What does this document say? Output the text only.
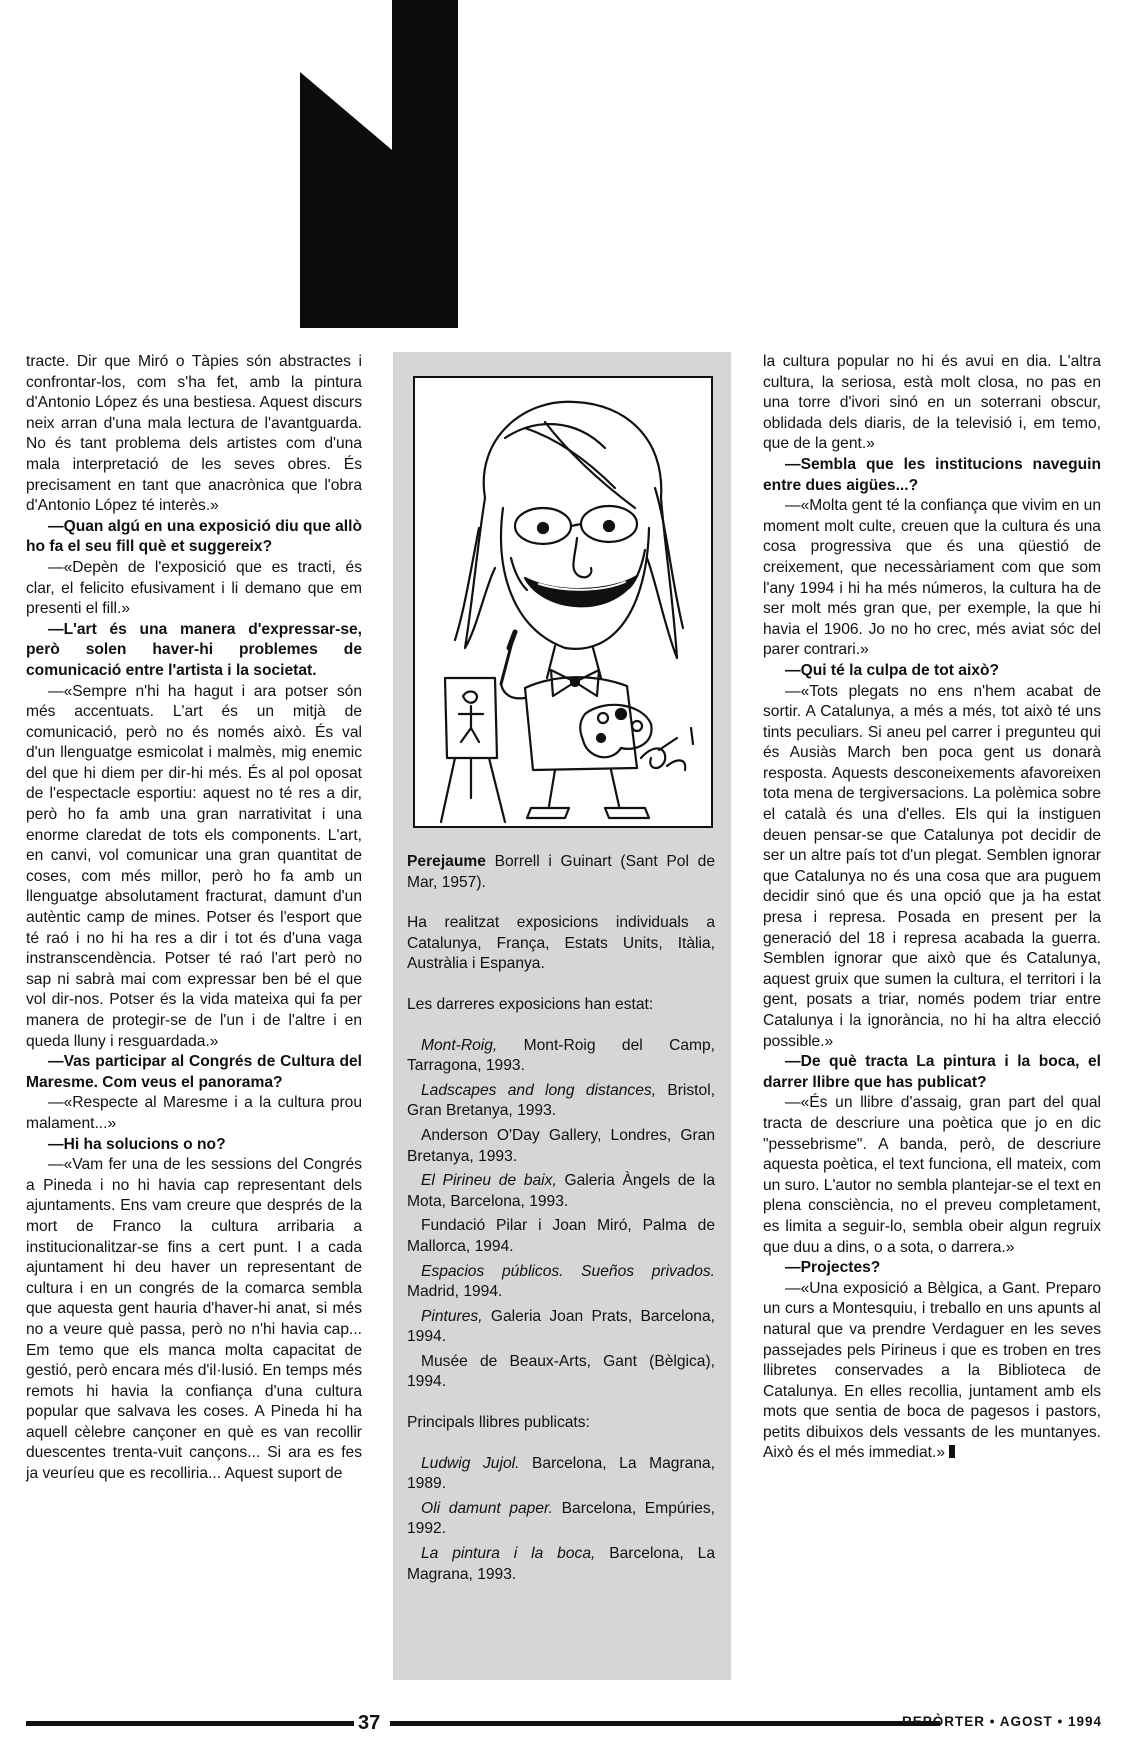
tracte. Dir que Miró o Tàpies són abstractes i confrontar-los, com s'ha fet, amb la pintura d'Antonio López és una bestiesa. Aquest discurs neix arran d'una mala lectura de l'avantguarda. No és tant problema dels artistes com d'una mala interpretació de les seves obres. És precisament en tant que anacrònica que l'obra d'Antonio López té interès.»

—Quan algú en una exposició diu que allò ho fa el seu fill què et suggereix?

—«Depèn de l'exposició que es tracti, és clar, el felicito efusivament i li demano que em presenti el fill.»

—L'art és una manera d'expressar-se, però solen haver-hi problemes de comunicació entre l'artista i la societat.

—«Sempre n'hi ha hagut i ara potser són més accentuats. L'art és un mitjà de comunicació, però no és només això. És val d'un llenguatge esmicolat i malmès, mig enemic del que hi diem per dir-hi més. És al pol oposat de l'espectacle esportiu: aquest no té res a dir, però ho fa amb una gran narrativitat i una enorme claredat de tots els components. L'art, en canvi, vol comunicar una gran quantitat de coses, com més millor, però ho fa amb un llenguatge absolutament fracturat, damunt d'un autèntic camp de mines. Potser és l'esport que té raó i no hi ha res a dir i tot és d'una vaga instranscendència. Potser té raó l'art però no sap ni sabrà mai com expressar ben bé el que vol dir-nos. Potser és la vida mateixa qui fa per manera de protegir-se de l'un i de l'altre i en queda lluny i resguardada.»

—Vas participar al Congrés de Cultura del Maresme. Com veus el panorama?

—«Respecte al Maresme i a la cultura prou malament...»

—Hi ha solucions o no?

—«Vam fer una de les sessions del Congrés a Pineda i no hi havia cap representant dels ajuntaments. Ens vam creure que després de la mort de Franco la cultura arribaria a institucionalitzar-se fins a cert punt. I a cada ajuntament hi deu haver un representant de cultura i en un congrés de la comarca sembla que aquesta gent hauria d'haver-hi anat, si més no a veure què passa, però no n'hi havia cap... Em temo que els manca molta capacitat de gestió, però encara més d'il·lusió. En temps més remots hi havia la confiança d'una cultura popular que salvava les coses. A Pineda hi ha aquell cèlebre cançoner en què es van recollir duescentes trenta-vuit cançons... Si ara es fes ja veuríeu que es recolliria... Aquest suport de

Perejaume Borrell i Guinart (Sant Pol de Mar, 1957).

Ha realitzat exposicions individuals a Catalunya, França, Estats Units, Itàlia, Austràlia i Espanya.

Les darreres exposicions han estat:

Mont-Roig, Mont-Roig del Camp, Tarragona, 1993.

Ladscapes and long distances, Bristol, Gran Bretanya, 1993.

Anderson O'Day Gallery, Londres, Gran Bretanya, 1993.

El Pirineu de baix, Galeria Àngels de la Mota, Barcelona, 1993.

Fundació Pilar i Joan Miró, Palma de Mallorca, 1994.

Espacios públicos. Sueños privados. Madrid, 1994.

Pintures, Galeria Joan Prats, Barcelona, 1994.

Musée de Beaux-Arts, Gant (Bèlgica), 1994.

Principals llibres publicats:

Ludwig Jujol. Barcelona, La Magrana, 1989.

Oli damunt paper. Barcelona, Empúries, 1992.

La pintura i la boca, Barcelona, La Magrana, 1993.

la cultura popular no hi és avui en dia. L'altra cultura, la seriosa, està molt closa, no pas en una torre d'ivori sinó en un soterrani obscur, oblidada dels diaris, de la televisió i, em temo, que de la gent.»

—Sembla que les institucions naveguin entre dues aigües...?

—«Molta gent té la confiança que vivim en un moment molt culte, creuen que la cultura és una cosa progressiva que és una qüestió de creixement, que necessàriament com que som l'any 1994 i hi ha més números, la cultura ha de ser molt més gran que, per exemple, la que hi havia el 1906. Jo no ho crec, més aviat sóc del parer contrari.»

—Qui té la culpa de tot això?

—«Tots plegats no ens n'hem acabat de sortir. A Catalunya, a més a més, tot això té uns tints peculiars. Si aneu pel carrer i pregunteu qui és Ausiàs March ben poca gent us donarà resposta. Aquests desconeixements afavoreixen tota mena de tergiversacions. La polèmica sobre el català és una d'elles. Els qui la instiguen deuen pensar-se que Catalunya pot decidir de ser un altre país tot d'un plegat. Semblen ignorar que Catalunya no és una cosa que ara puguem decidir sinó que és una opció que ja ha estat presa i represa. Posada en present per la generació del 18 i represa acabada la guerra. Semblen ignorar que això que és Catalunya, aquest gruix que sumen la cultura, el territori i la gent, posats a triar, només podem triar entre Catalunya i la ignorància, no hi ha altra elecció possible.»

—De què tracta La pintura i la boca, el darrer llibre que has publicat?

—«És un llibre d'assaig, gran part del qual tracta de descriure una poètica que jo en dic "pessebrisme". A banda, però, de descriure aquesta poètica, el text funciona, ell mateix, com un suro. L'autor no sembla plantejar-se el text en plena consciència, no el preveu completament, es limita a seguir-lo, sembla obeir algun regruix que duu a dins, o a sota, o darrera.»

—Projectes?

—«Una exposició a Bèlgica, a Gant. Preparo un curs a Montesquiu, i treballo en uns apunts al natural que va prendre Verdaguer en les seves passejades pels Pirineus i que es troben en tres llibretes conservades a la Biblioteca de Catalunya. En elles recollia, juntament amb els mots que sentia de boca de pagesos i pastors, petits dibuixos dels vessants de les muntanyes. Això és el més immediat.»

37	REPÒRTER • AGOST • 1994
